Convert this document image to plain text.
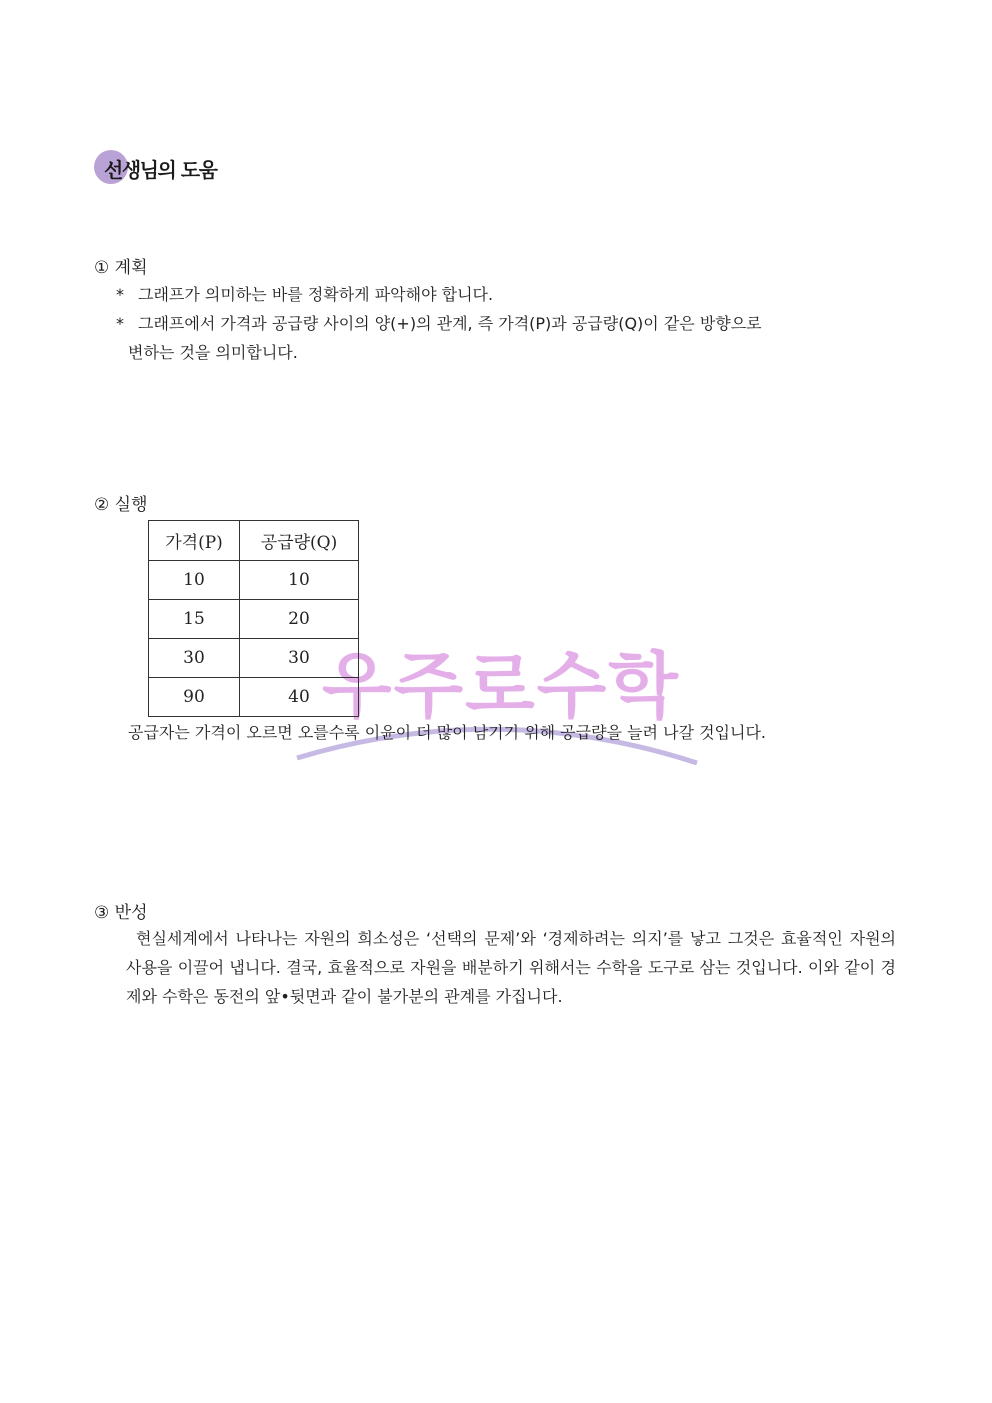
우주로수학
선생님의 도움
① 계획
* 그래프가 의미하는 바를 정확하게 파악해야 합니다.
* 그래프에서 가격과 공급량 사이의 양(+)의 관계, 즉 가격(P)과 공급량(Q)이 같은 방향으로
변하는 것을 의미합니다.
② 실행
가격(P)	공급량(Q)
10	10
15	20
30	30
90	40
공급자는 가격이 오르면 오를수록 이윤이 더 많이 남기기 위해 공급량을 늘려 나갈 것입니다.
③ 반성
현실세계에서 나타나는 자원의 희소성은 ‘선택의 문제’와 ‘경제하려는 의지’를 낳고 그것은 효율적인 자원의 사용을 이끌어 냅니다. 결국, 효율적으로 자원을 배분하기 위해서는 수학을 도구로 삼는 것입니다. 이와 같이 경제와 수학은 동전의 앞•뒷면과 같이 불가분의 관계를 가집니다.
